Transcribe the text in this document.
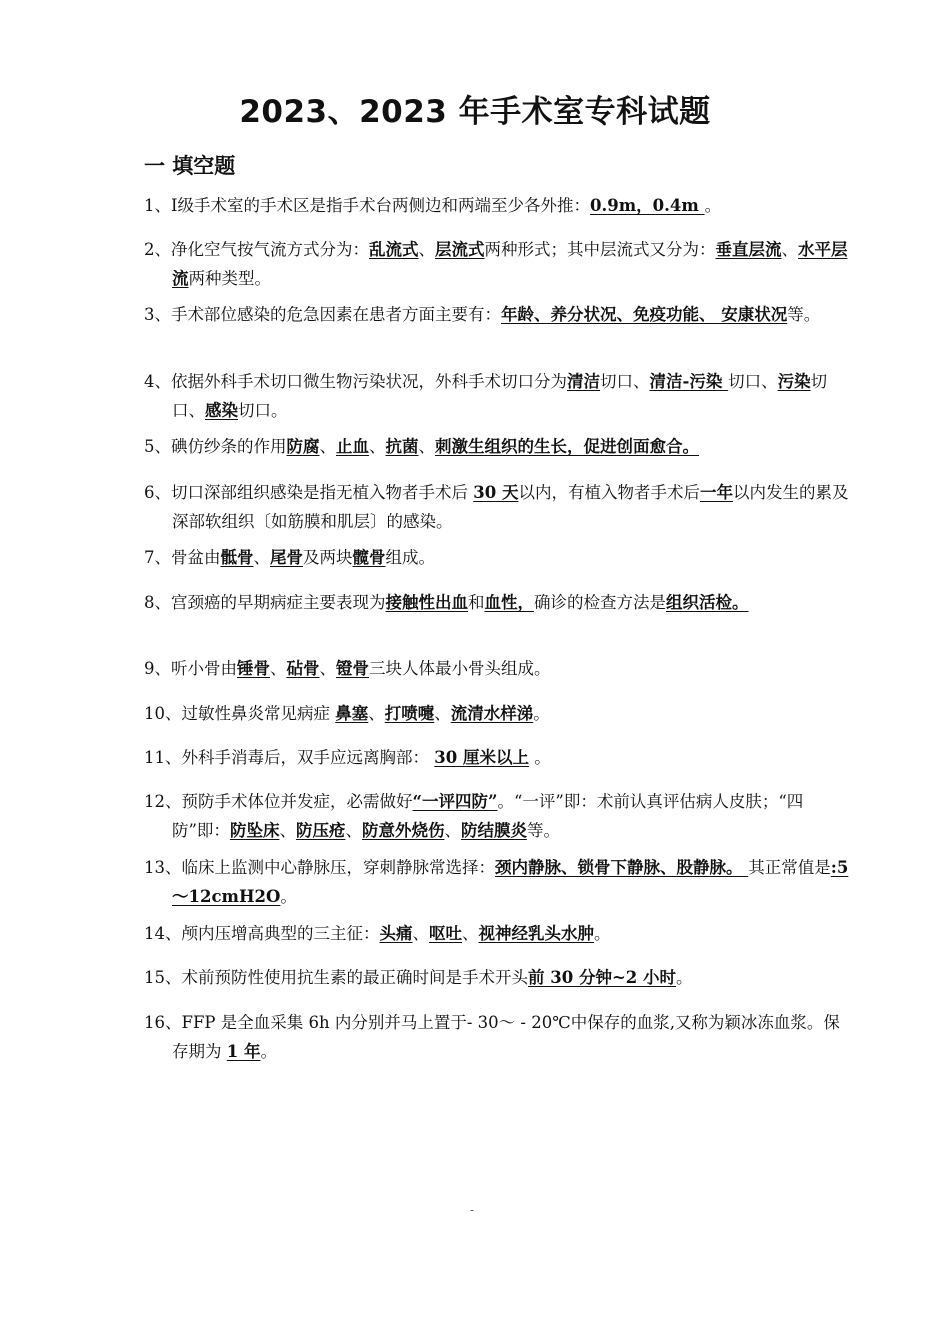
2023、2023 年手术室专科试题
一 填空题
1、Ⅰ级手术室的手术区是指手术台两侧边和两端至少各外推：0.9m，0.4m 。
2、净化空气按气流方式分为：乱流式、层流式两种形式；其中层流式又分为：垂直层流、水平层流两种类型。
3、手术部位感染的危急因素在患者方面主要有：年龄、养分状况、免疫功能、 安康状况等。
4、依据外科手术切口微生物污染状况，外科手术切口分为清洁切口、清洁-污染 切口、污染切口、感染切口。
5、碘仿纱条的作用防腐、止血、抗菌、刺激生组织的生长，促进创面愈合。
6、切口深部组织感染是指无植入物者手术后 30 天以内，有植入物者手术后一年以内发生的累及深部软组织〔如筋膜和肌层〕的感染。
7、骨盆由骶骨、尾骨及两块髋骨组成。
8、宫颈癌的早期病症主要表现为接触性出血和血性，确诊的检查方法是组织活检。
9、听小骨由锤骨、砧骨、镫骨三块人体最小骨头组成。
10、过敏性鼻炎常见病症 鼻塞、打喷嚏、流清水样涕。
11、外科手消毒后，双手应远离胸部： 30 厘米以上 。
12、预防手术体位并发症，必需做好“一评四防”。“一评”即：术前认真评估病人皮肤；“四防”即：防坠床、防压疮、防意外烧伤、防结膜炎等。
13、临床上监测中心静脉压，穿刺静脉常选择：颈内静脉、锁骨下静脉、股静脉。 其正常值是:5～12cmH2O。
14、颅内压增高典型的三主征：头痛、呕吐、视神经乳头水肿。
15、术前预防性使用抗生素的最正确时间是手术开头前 30 分钟~2 小时。
16、FFP 是全血采集 6h 内分别并马上置于- 30～ - 20℃中保存的血浆,又称为颖冰冻血浆。保存期为 1 年。
-
